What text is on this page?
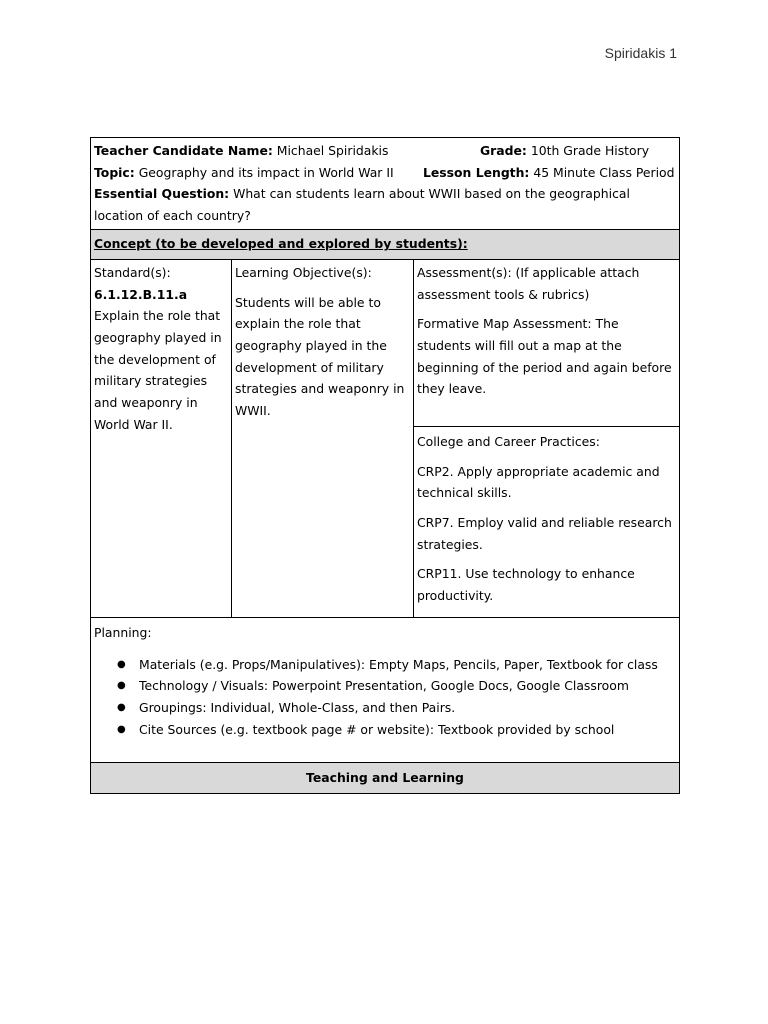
Spiridakis 1
Teacher Candidate Name: Michael Spiridakis	Grade: 10th Grade History
Topic: Geography and its impact in World War II	Lesson Length: 45 Minute Class Period
Essential Question: What can students learn about WWII based on the geographical location of each country?

Concept (to be developed and explored by students):

Standard(s):
6.1.12.B.11.a Explain the role that geography played in the development of military strategies and weaponry in World War II.

Learning Objective(s):
Students will be able to explain the role that geography played in the development of military strategies and weaponry in WWII.

Assessment(s): (If applicable attach assessment tools & rubrics)
Formative Map Assessment: The students will fill out a map at the beginning of the period and again before they leave.

College and Career Practices:
CRP2. Apply appropriate academic and technical skills.
CRP7. Employ valid and reliable research strategies.
CRP11. Use technology to enhance productivity.

Planning:
● Materials (e.g. Props/Manipulatives): Empty Maps, Pencils, Paper, Textbook for class
● Technology / Visuals: Powerpoint Presentation, Google Docs, Google Classroom
● Groupings: Individual, Whole-Class, and then Pairs.
● Cite Sources (e.g. textbook page # or website): Textbook provided by school

Teaching and Learning
